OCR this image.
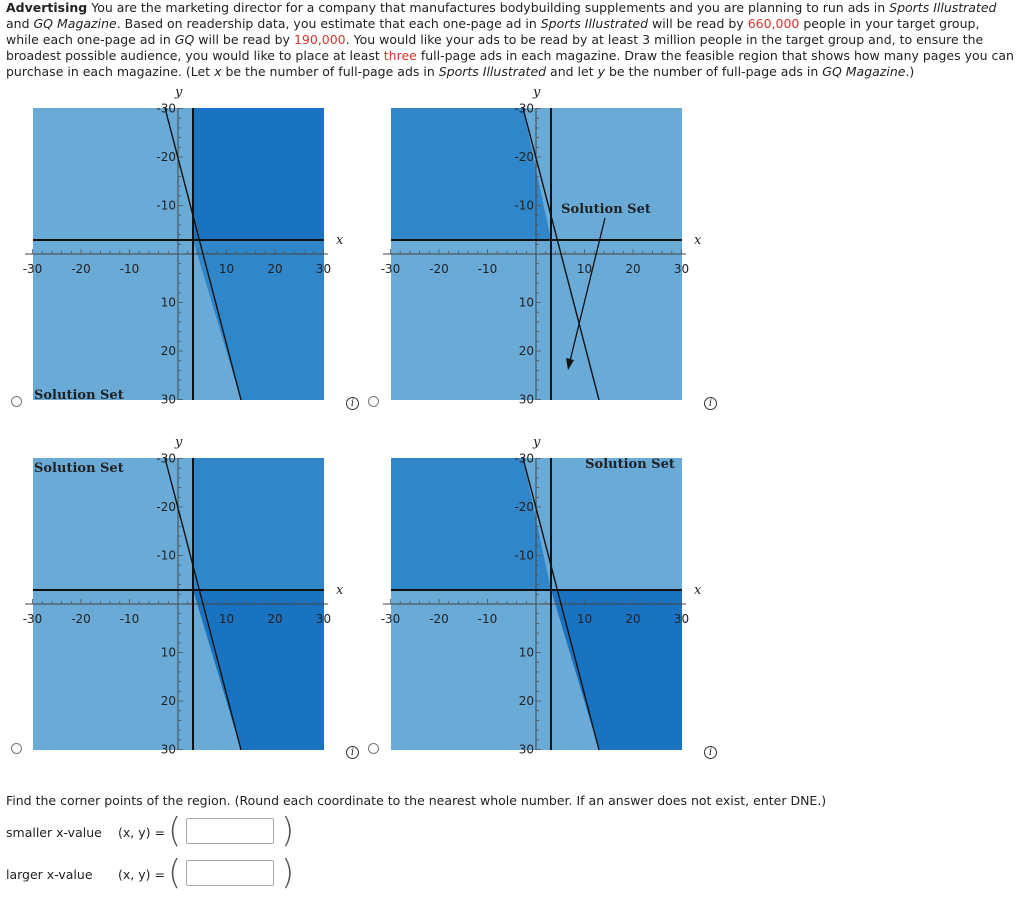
Advertising You are the marketing director for a company that manufactures bodybuilding supplements and you are planning to run ads in Sports Illustrated and GQ Magazine. Based on readership data, you estimate that each one-page ad in Sports Illustrated will be read by 660,000 people in your target group, while each one-page ad in GQ will be read by 190,000. You would like your ads to be read by at least 3 million people in the target group and, to ensure the broadest possible audience, you would like to place at least three full-page ads in each magazine. Draw the feasible region that shows how many pages you can purchase in each magazine. (Let x be the number of full-page ads in Sports Illustrated and let y be the number of full-page ads in GQ Magazine.)
-30
30
-20
20
-10
10
10
-10
20
-20
30
-30
x
y
Solution Set
i
-30
30
-20
20
-10
10
10
-10
20
-20
30
-30
x
y
Solution Set
i
-30
30
-20
20
-10
10
10
-10
20
-20
30
-30
x
y
Solution Set
i
-30
30
-20
20
-10
10
10
-10
20
-20
30
-30
x
y
Solution Set
i
Find the corner points of the region. (Round each coordinate to the nearest whole number. If an answer does not exist, enter DNE.)
smaller x-value (x, y) = (	)
larger x-value (x, y) = (	)
